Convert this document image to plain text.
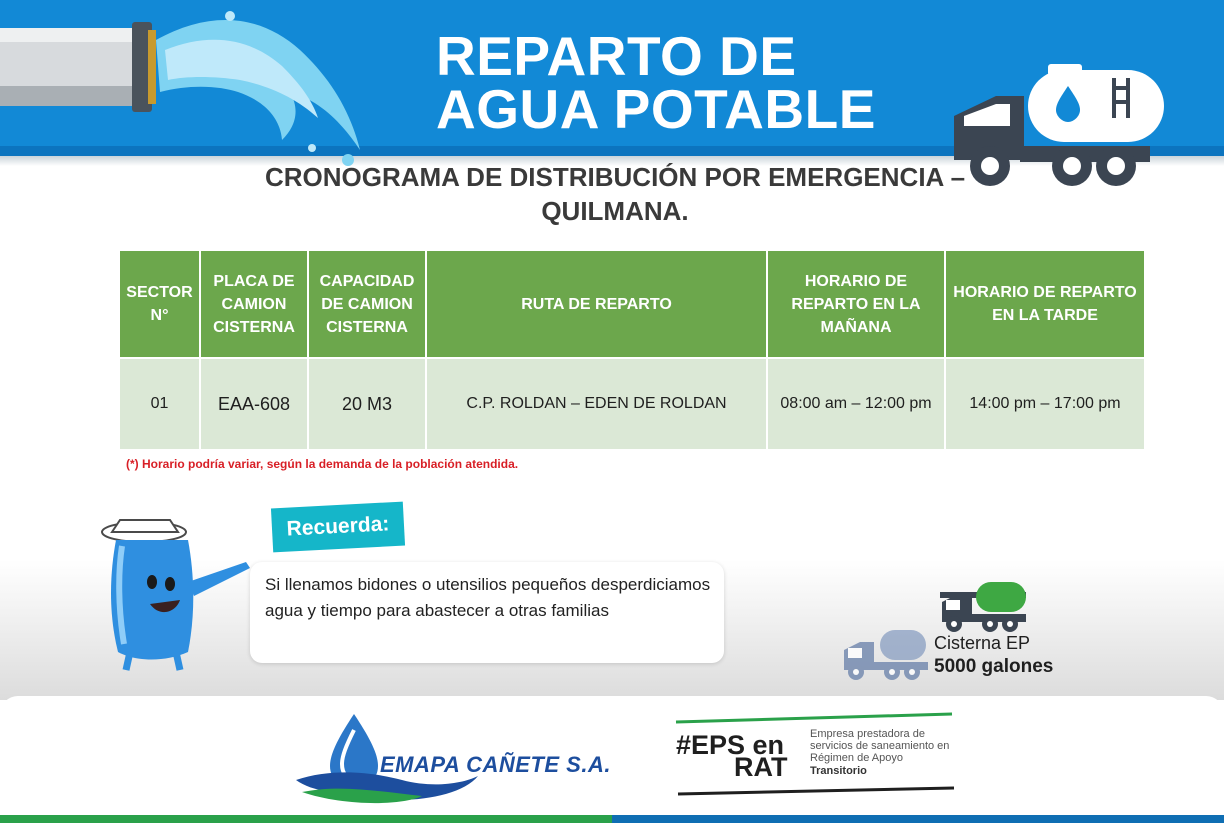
REPARTO DE
AGUA POTABLE
CRONOGRAMA DE DISTRIBUCIÓN POR EMERGENCIA – QUILMANA.
SECTOR N°	PLACA DE CAMION CISTERNA	CAPACIDAD DE CAMION CISTERNA	RUTA DE REPARTO	HORARIO DE REPARTO EN LA MAÑANA	HORARIO DE REPARTO EN LA TARDE
01	EAA-608	20 M3	C.P. ROLDAN – EDEN DE ROLDAN	08:00 am – 12:00 pm	14:00 pm – 17:00 pm
(*) Horario podría variar, según la demanda de la población atendida.
Recuerda:
Si llenamos bidones o utensilios pequeños desperdiciamos agua y tiempo para abastecer a otras familias
Cisterna EP
5000 galones
EMAPA CAÑETE S.A.
#EPS en
RAT
Empresa prestadora de servicios de saneamiento en Régimen de Apoyo
Transitorio
